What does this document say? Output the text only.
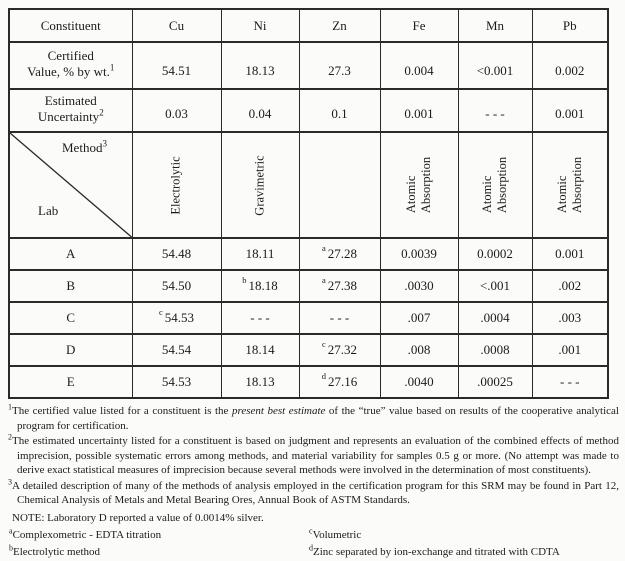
Constituent	Cu	Ni	Zn	Fe	Mn	Pb
Certified
Value, % by wt.$^1$	54.51	18.13	27.3	0.004	<0.001	0.002
Estimated
Uncertainty$^2$	0.03	0.04	0.1	0.001	- - -	0.001

Method$^3$
Lab	Electrolytic	Gravimetric		Atomic Absorption	Atomic Absorption	Atomic Absorption

A	54.48	18.11	$^a$ 27.28	0.0039	0.0002	0.001
B	54.50	$^b$ 18.18	$^a$ 27.38	.0030	<.001	.002
C	$^c$ 54.53	- - -	- - -	.007	.0004	.003
D	54.54	18.14	$^c$ 27.32	.008	.0008	.001
E	54.53	18.13	$^d$ 27.16	.0040	.00025	- - -

$^1$The certified value listed for a constituent is the present best estimate of the “true” value based on results of the cooperative analytical program for certification.

$^2$The estimated uncertainty listed for a constituent is based on judgment and represents an evaluation of the combined effects of method imprecision, possible systematic errors among methods, and material variability for samples 0.5 g or more. (No attempt was made to derive exact statistical measures of imprecision because several methods were involved in the determination of most constituents).

$^3$A detailed description of many of the methods of analysis employed in the certification program for this SRM may be found in Part 12, Chemical Analysis of Metals and Metal Bearing Ores, Annual Book of ASTM Standards.

NOTE: Laboratory D reported a value of 0.0014% silver.

$^a$Complexometric - EDTA titration

$^b$Electrolytic method

$^c$Volumetric

$^d$Zinc separated by ion-exchange and titrated with CDTA
